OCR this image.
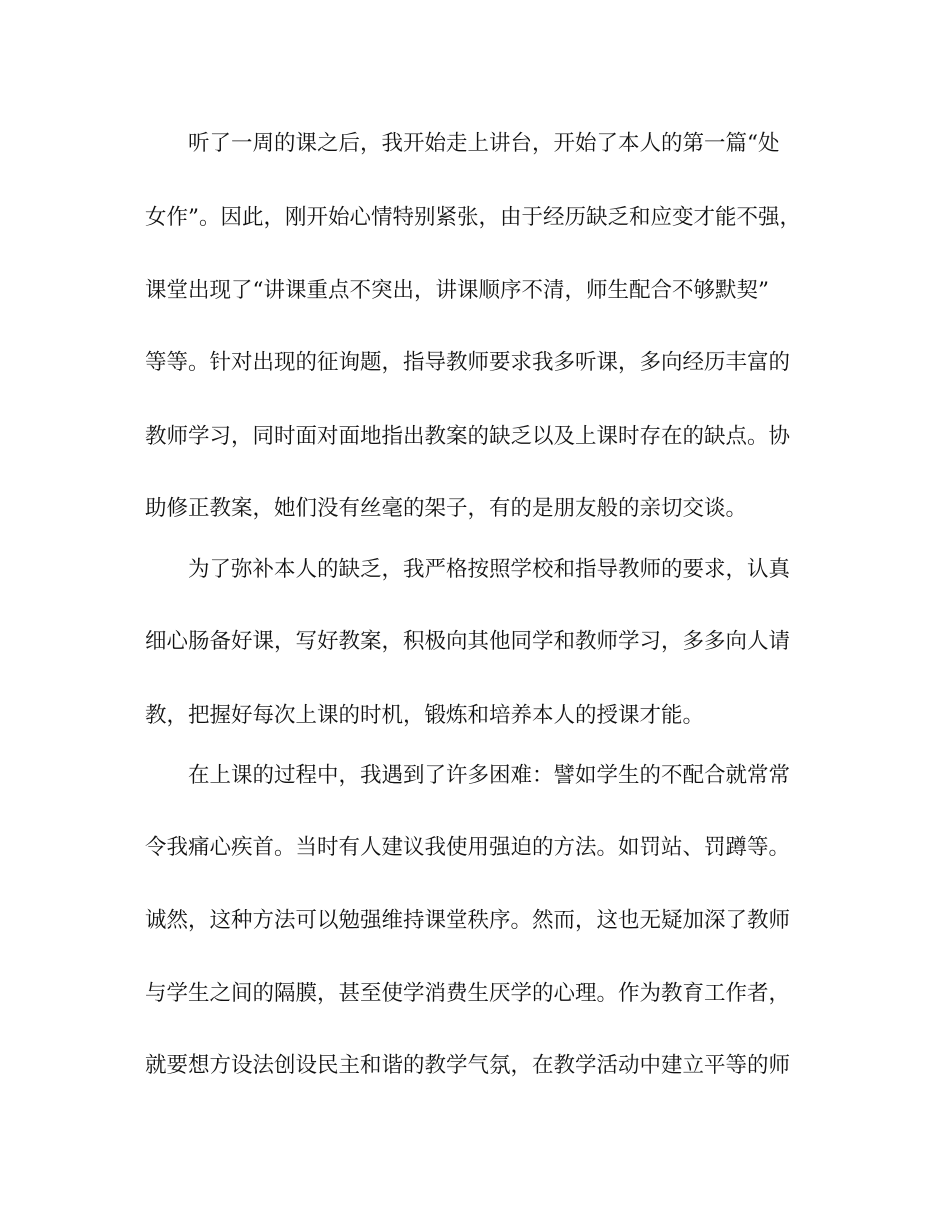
听了一周的课之后，我开始走上讲台，开始了本人的第一篇“处
女作”。因此，刚开始心情特别紧张，由于经历缺乏和应变才能不强，
课堂出现了“讲课重点不突出，讲课顺序不清，师生配合不够默契”
等等。针对出现的征询题，指导教师要求我多听课，多向经历丰富的
教师学习，同时面对面地指出教案的缺乏以及上课时存在的缺点。协
助修正教案，她们没有丝毫的架子，有的是朋友般的亲切交谈。
为了弥补本人的缺乏，我严格按照学校和指导教师的要求，认真
细心肠备好课，写好教案，积极向其他同学和教师学习，多多向人请
教，把握好每次上课的时机，锻炼和培养本人的授课才能。
在上课的过程中，我遇到了许多困难：譬如学生的不配合就常常
令我痛心疾首。当时有人建议我使用强迫的方法。如罚站、罚蹲等。
诚然，这种方法可以勉强维持课堂秩序。然而，这也无疑加深了教师
与学生之间的隔膜，甚至使学消费生厌学的心理。作为教育工作者，
就要想方设法创设民主和谐的教学气氛，在教学活动中建立平等的师
